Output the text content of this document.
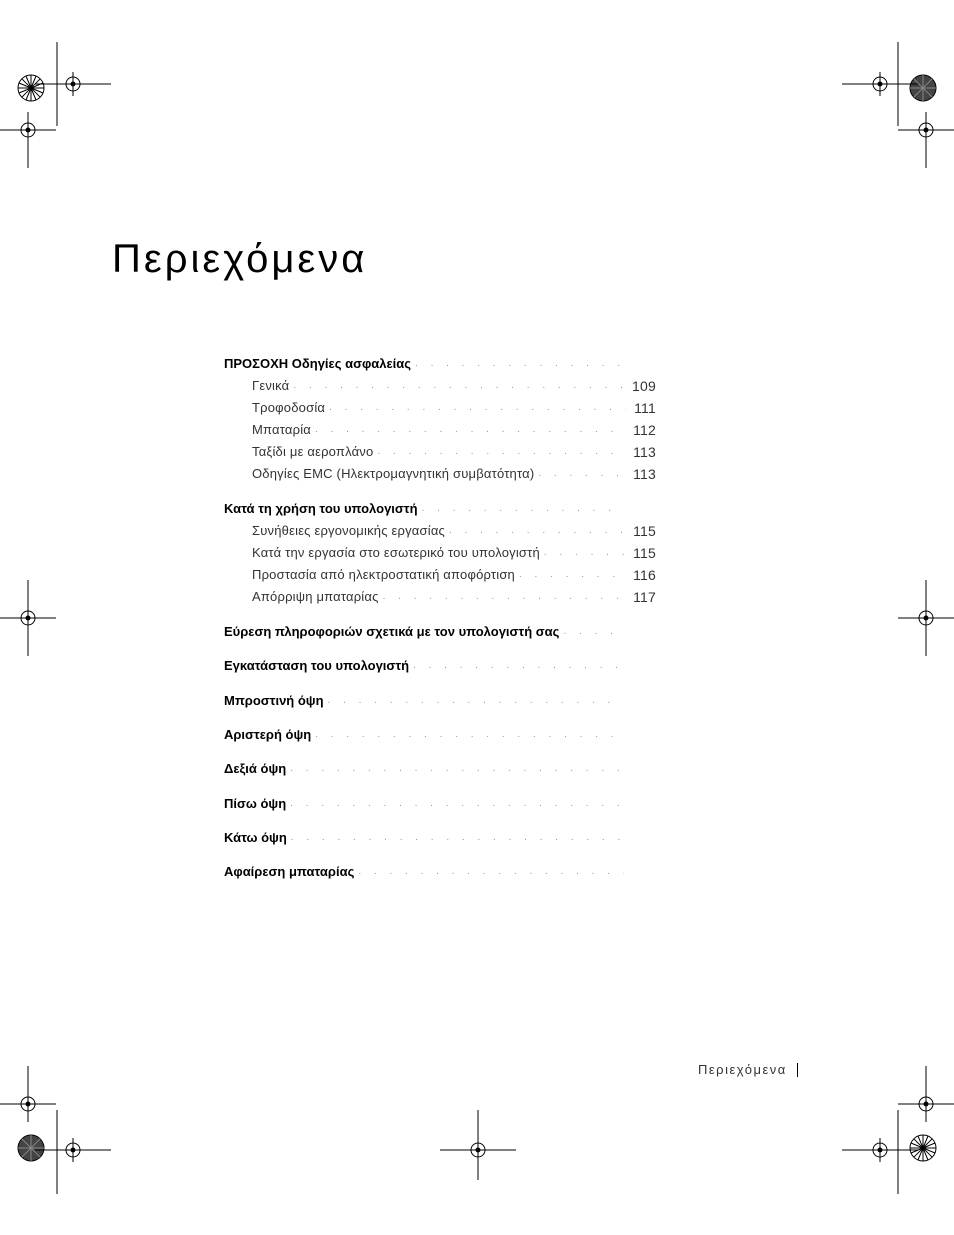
Περιεχόμενα
ΠΡΟΣΟΧΗ Οδηγίες ασφαλείας
. . .
Γενικά . . .	109
Τροφοδοσία . . .	111
Μπαταρία . . .	112
Ταξίδι με αεροπλάνο . . .	113
Οδηγίες EMC (Ηλεκτρομαγνητική συμβατότητα) . . .	113
Κατά τη χρήση του υπολογιστή
. . .
Συνήθειες εργονομικής εργασίας . . .	115
Κατά την εργασία στο εσωτερικό του υπολογιστή . . .	115
Προστασία από ηλεκτροστατική αποφόρτιση . . .	116
Απόρριψη μπαταρίας . . .	117
Εύρεση πληροφοριών σχετικά με τον υπολογιστή σας
. . .
Εγκατάσταση του υπολογιστή
. . .
Μπροστινή όψη
. . .
Αριστερή όψη
. . .
Δεξιά όψη
. . .
Πίσω όψη
. . .
Κάτω όψη
. . .
Αφαίρεση μπαταρίας
. . .
Περιεχόμενα
